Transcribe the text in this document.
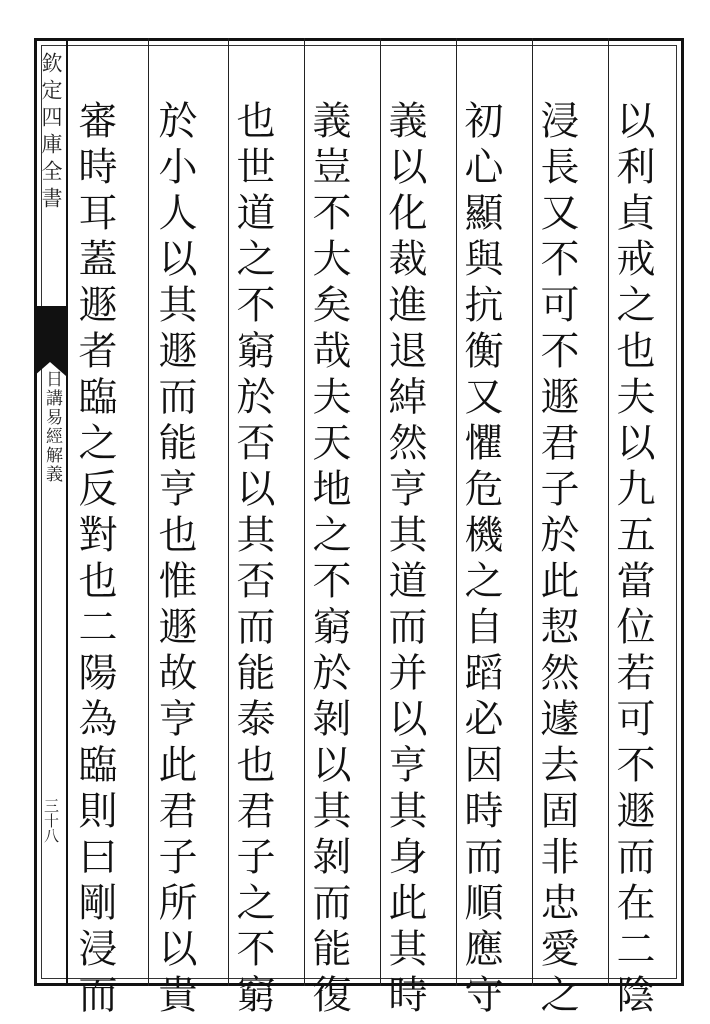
欽定四庫全書
日講易經解義
三十八	以利貞戒之也夫以九五當位若可不遯而在二陰
浸長又不可不遯君子於此恝然遽去固非忠愛之
初心顯與抗衡又懼危機之自蹈必因時而順應守
義以化裁進退綽然亨其道而并以亨其身此其時
義豈不大矣哉夫天地之不窮於剝以其剝而能復
也世道之不窮於否以其否而能泰也君子之不窮
於小人以其遯而能亨也惟遯故亨此君子所以貴
審時耳蓋遯者臨之反對也二陽為臨則曰剛浸而
